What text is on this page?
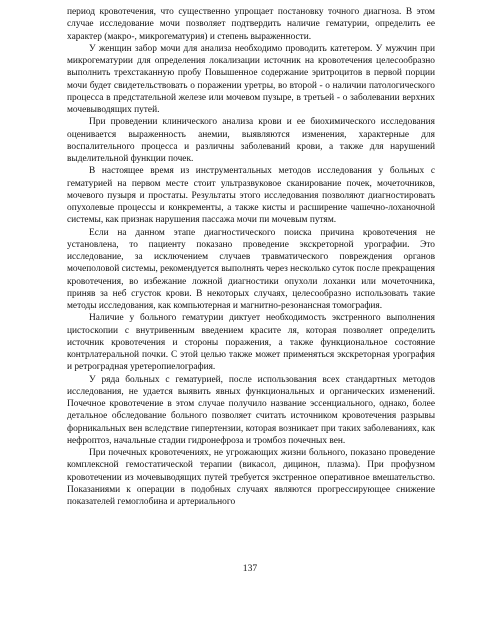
период кровотечения, что существенно упрощает постановку точного диагноза. В этом случае исследование мочи позволяет подтвердить наличие гематурии, определить ее характер (макро-, микрогематурия) и степень выраженности.

У женщин забор мочи для анализа необходимо проводить катетером. У мужчин при микрогематурии для определения локализации источник на кровотечения целесообразно выполнить трехстаканную пробу Повышенное содержание эритроцитов в первой порции мочи будет свидетельствовать о поражении уретры, во второй - о наличии патологического процесса в предстательной железе или мочевом пузыре, в третьей - о заболевании верхних мочевыводящих путей.

При проведении клинического анализа крови и ее биохимического исследования оценивается выраженность анемии, выявляются изменения, характерные для воспалительного процесса и различны заболеваний крови, а также для нарушений выделительной функции почек.

В настоящее время из инструментальных методов исследования у больных с гематурией на первом месте стоит ультразвуковое сканирование почек, мочеточников, мочевого пузыря и простаты. Результаты этого исследования позволяют диагностировать опухолевые процессы и конкременты, а также кисты и расширение чашечно-лоханочной системы, как признак нарушения пассажа мочи пи мочевым путям.

Если на данном этапе диагностического поиска причина кровотечения не установлена, то пациенту показано проведение экскреторной урографии. Это исследование, за исключением случаев травматического повреждения органов мочеполовой системы, рекомендуется выполнять через несколько суток после прекращения кровотечения, во избежание ложной диагностики опухоли лоханки или мочеточника, приняв за неб сгусток крови. В некоторых случаях, целесообразно использовать такие методы исследования, как компьютерная и магнитно-резонансная томография.

Наличие у больного гематурии диктует необходимость экстренного выполнения цистоскопии с внутривенным введением красите ля, которая позволяет определить источник кровотечения и стороны поражения, а также функциональное состояние контрлатеральной почки. С этой целью также может применяться экскреторная урография и ретроградная уретеропиелография.

У ряда больных с гематурией, после использования всех стандартных методов исследования, не удается выявить явных функциональных и органических изменений. Почечное кровотечение в этом случае получило название эссенциального, однако, более детальное обследование больного позволяет считать источником кровотечения разрывы форникальных вен вследствие гипертензии, которая возникает при таких заболеваниях, как нефроптоз, начальные стадии гидронефроза и тромбоз почечных вен.

При почечных кровотечениях, не угрожающих жизни больного, показано проведение комплексной гемостатической терапии (викасол, дицинон, плазма). При профузном кровотечении из мочевыводящих путей требуется экстренное оперативное вмешательство. Показаниями к операции в подобных случаях являются прогрессирующее снижение показателей гемоглобина и артериального

137
